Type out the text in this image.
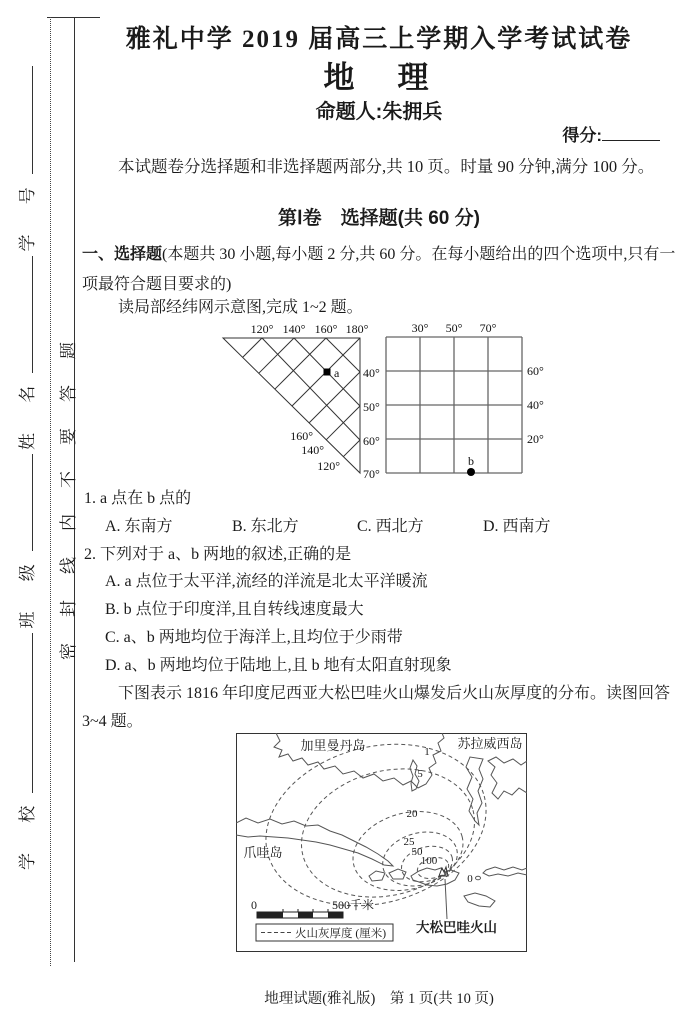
学 校 班 级 姓 名 学 号
密封线内不要答题
雅礼中学 2019 届高三上学期入学考试试卷
地　理
命题人:朱拥兵
得分:
本试题卷分选择题和非选择题两部分,共 10 页。时量 90 分钟,满分 100 分。
第Ⅰ卷　选择题(共 60 分)
一、选择题(本题共 30 小题,每小题 2 分,共 60 分。在每小题给出的四个选项中,只有一
项最符合题目要求的)
读局部经纬网示意图,完成 1~2 题。
120° 140° 160° 180°
40°
50°
60°
70°
160°
140°
120°
a
30° 50° 70°
60°
40°
20°
b
1. a 点在 b 点的
A. 东南方	B. 东北方	C. 西北方	D. 西南方
2. 下列对于 a、b 两地的叙述,正确的是
A. a 点位于太平洋,流经的洋流是北太平洋暖流
B. b 点位于印度洋,且自转线速度最大
C. a、b 两地均位于海洋上,且均位于少雨带
D. a、b 两地均位于陆地上,且 b 地有太阳直射现象
下图表示 1816 年印度尼西亚大松巴哇火山爆发后火山灰厚度的分布。读图回答
3~4 题。
1
5
20
25
50
100
0
加里曼丹岛	苏拉威西岛
爪哇岛
大松巴哇火山
0	500千米
火山灰厚度 (厘米)
地理试题(雅礼版)　第 1 页(共 10 页)
